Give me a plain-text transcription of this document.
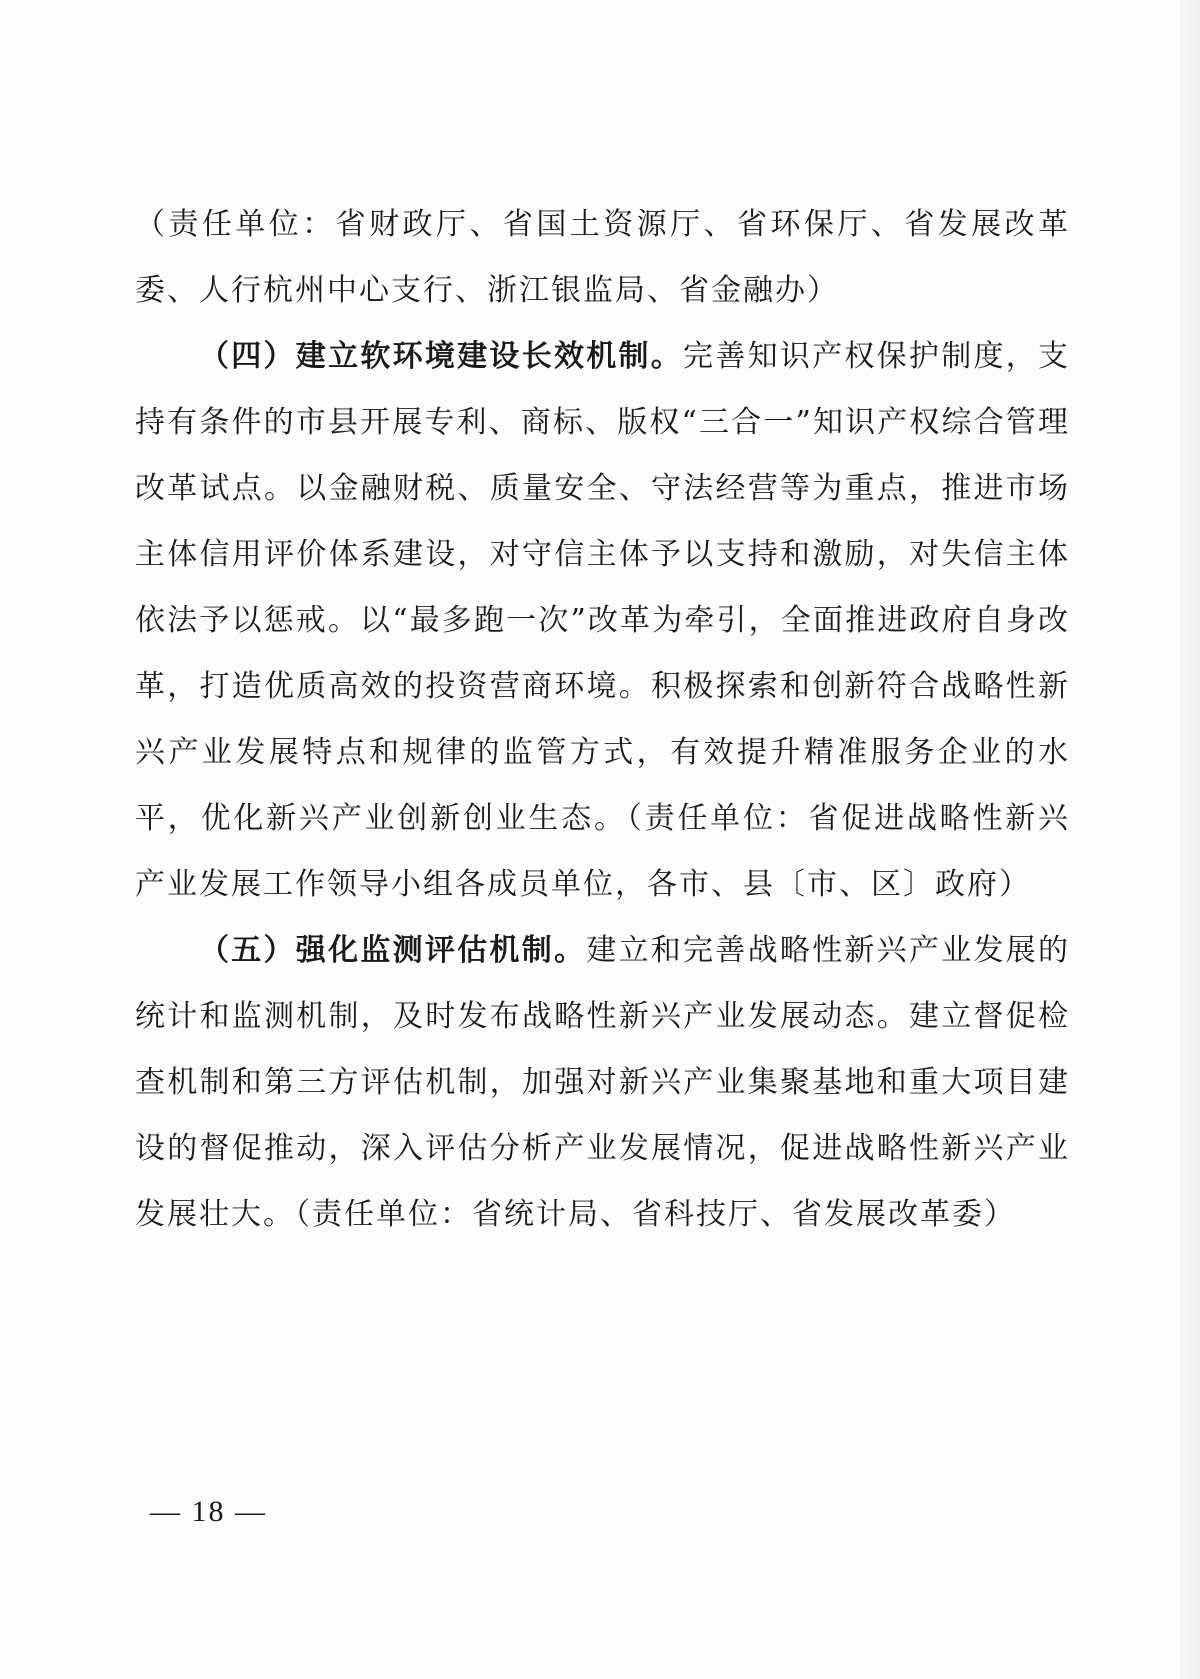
（责任单位：省财政厅、省国土资源厅、省环保厅、省发展改革委、人行杭州中心支行、浙江银监局、省金融办）

（四）建立软环境建设长效机制。完善知识产权保护制度，支持有条件的市县开展专利、商标、版权“三合一”知识产权综合管理改革试点。以金融财税、质量安全、守法经营等为重点，推进市场主体信用评价体系建设，对守信主体予以支持和激励，对失信主体依法予以惩戒。以“最多跑一次”改革为牵引，全面推进政府自身改革，打造优质高效的投资营商环境。积极探索和创新符合战略性新兴产业发展特点和规律的监管方式，有效提升精准服务企业的水平，优化新兴产业创新创业生态。（责任单位：省促进战略性新兴产业发展工作领导小组各成员单位，各市、县〔市、区〕政府）

（五）强化监测评估机制。建立和完善战略性新兴产业发展的统计和监测机制，及时发布战略性新兴产业发展动态。建立督促检查机制和第三方评估机制，加强对新兴产业集聚基地和重大项目建设的督促推动，深入评估分析产业发展情况，促进战略性新兴产业发展壮大。（责任单位：省统计局、省科技厅、省发展改革委）

— 18 —
